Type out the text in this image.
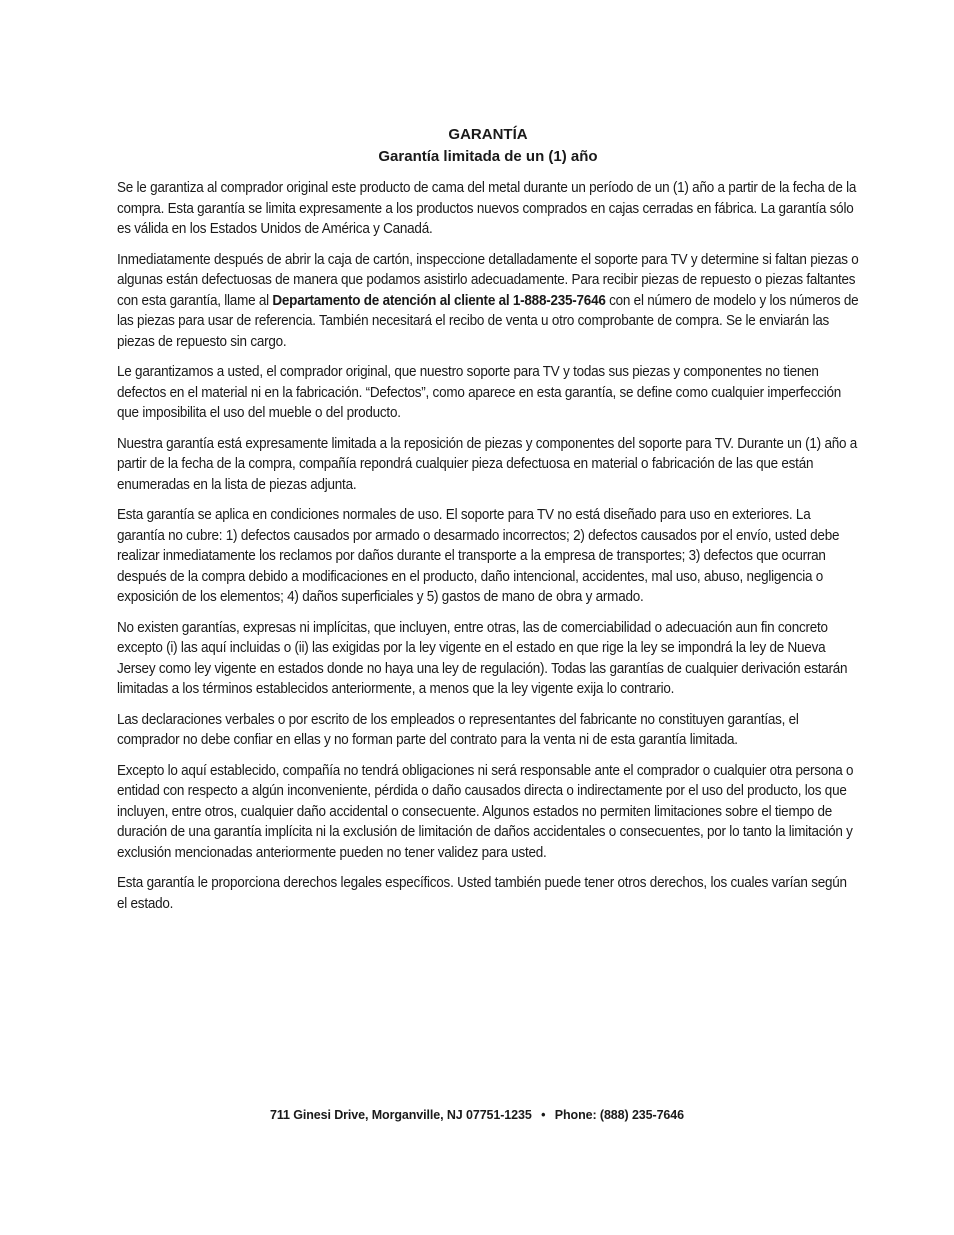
GARANTÍA
Garantía limitada de un (1) año

Se le garantiza al comprador original este producto de cama del metal durante un período de un (1) año a partir de la fecha de la compra. Esta garantía se limita expresamente a los productos nuevos comprados en cajas cerradas en fábrica. La garantía sólo es válida en los Estados Unidos de América y Canadá.

Inmediatamente después de abrir la caja de cartón, inspeccione detalladamente el soporte para TV y determine si faltan piezas o algunas están defectuosas de manera que podamos asistirlo adecuadamente. Para recibir piezas de repuesto o piezas faltantes con esta garantía, llame al Departamento de atención al cliente al 1-888-235-7646 con el número de modelo y los números de las piezas para usar de referencia. También necesitará el recibo de venta u otro comprobante de compra. Se le enviarán las piezas de repuesto sin cargo.

Le garantizamos a usted, el comprador original, que nuestro soporte para TV y todas sus piezas y componentes no tienen defectos en el material ni en la fabricación. “Defectos”, como aparece en esta garantía, se define como cualquier imperfección que imposibilita el uso del mueble o del producto.

Nuestra garantía está expresamente limitada a la reposición de piezas y componentes del soporte para TV. Durante un (1) año a partir de la fecha de la compra, compañía repondrá cualquier pieza defectuosa en material o fabricación de las que están enumeradas en la lista de piezas adjunta.

Esta garantía se aplica en condiciones normales de uso. El soporte para TV no está diseñado para uso en exteriores. La garantía no cubre: 1) defectos causados por armado o desarmado incorrectos; 2) defectos causados por el envío, usted debe realizar inmediatamente los reclamos por daños durante el transporte a la empresa de transportes; 3) defectos que ocurran después de la compra debido a modificaciones en el producto, daño intencional, accidentes, mal uso, abuso, negligencia o exposición de los elementos; 4) daños superficiales y 5) gastos de mano de obra y armado.

No existen garantías, expresas ni implícitas, que incluyen, entre otras, las de comerciabilidad o adecuación aun fin concreto excepto (i) las aquí incluidas o (ii) las exigidas por la ley vigente en el estado en que rige la ley se impondrá la ley de Nueva Jersey como ley vigente en estados donde no haya una ley de regulación). Todas las garantías de cualquier derivación estarán limitadas a los términos establecidos anteriormente, a menos que la ley vigente exija lo contrario.

Las declaraciones verbales o por escrito de los empleados o representantes del fabricante no constituyen garantías, el comprador no debe confiar en ellas y no forman parte del contrato para la venta ni de esta garantía limitada.

Excepto lo aquí establecido, compañía no tendrá obligaciones ni será responsable ante el comprador o cualquier otra persona o entidad con respecto a algún inconveniente, pérdida o daño causados directa o indirectamente por el uso del producto, los que incluyen, entre otros, cualquier daño accidental o consecuente. Algunos estados no permiten limitaciones sobre el tiempo de duración de una garantía implícita ni la exclusión de limitación de daños accidentales o consecuentes, por lo tanto la limitación y exclusión mencionadas anteriormente pueden no tener validez para usted.

Esta garantía le proporciona derechos legales específicos. Usted también puede tener otros derechos, los cuales varían según el estado.

711 Ginesi Drive, Morganville, NJ 07751-1235 • Phone: (888) 235-7646
